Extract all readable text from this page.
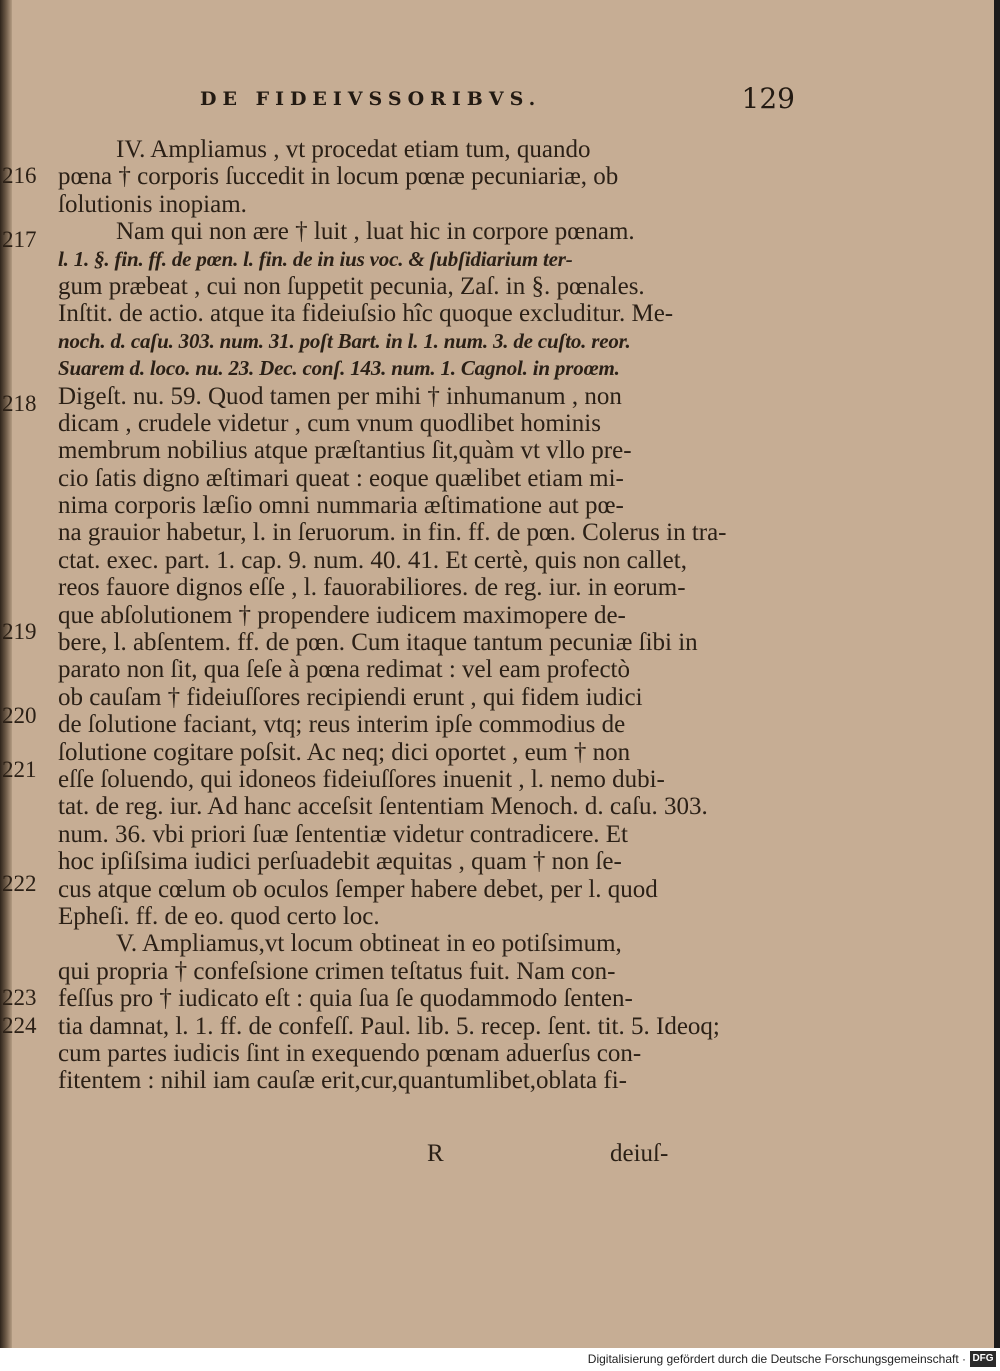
DE FIDEIVSSORIBVS.	129
216
217
218
219
220
221
222
223
224
IV. Ampliamus , vt procedat etiam tum, quando
pœna † corporis ſuccedit in locum pœnæ pecuniariæ, ob
ſolutionis inopiam.
Nam qui non ære † luit , luat hic in corpore pœnam.
l. 1. §. fin. ff. de pœn. l. fin. de in ius voc. & ſubſidiarium ter-
gum præbeat , cui non ſuppetit pecunia, Zaſ. in §. pœnales.
Inſtit. de actio. atque ita fideiuſsio hîc quoque excluditur. Me-
noch. d. caſu. 303. num. 31. poſt Bart. in l. 1. num. 3. de cuſto. reor.
Suarem d. loco. nu. 23. Dec. conſ. 143. num. 1. Cagnol. in proœm.
Digeſt. nu. 59. Quod tamen per mihi † inhumanum , non
dicam , crudele videtur , cum vnum quodlibet hominis
membrum nobilius atque præſtantius ſit,quàm vt vllo pre-
cio ſatis digno æſtimari queat : eoque quælibet etiam mi-
nima corporis læſio omni nummaria æſtimatione aut pœ-
na grauior habetur, l. in ſeruorum. in fin. ff. de pœn. Colerus in tra-
ctat. exec. part. 1. cap. 9. num. 40. 41. Et certè, quis non callet,
reos fauore dignos eſſe , l. fauorabiliores. de reg. iur. in eorum-
que abſolutionem † propendere iudicem maximopere de-
bere, l. abſentem. ff. de pœn. Cum itaque tantum pecuniæ ſibi in
parato non ſit, qua ſeſe à pœna redimat : vel eam profectò
ob cauſam † fideiuſſores recipiendi erunt , qui fidem iudici
de ſolutione faciant, vtq; reus interim ipſe commodius de
ſolutione cogitare poſsit. Ac neq; dici oportet , eum † non
eſſe ſoluendo, qui idoneos fideiuſſores inuenit , l. nemo dubi-
tat. de reg. iur. Ad hanc acceſsit ſententiam Menoch. d. caſu. 303.
num. 36. vbi priori ſuæ ſententiæ videtur contradicere. Et
hoc ipſiſsima iudici perſuadebit æquitas , quam † non ſe-
cus atque cœlum ob oculos ſemper habere debet, per l. quod
Epheſi. ff. de eo. quod certo loc.
V. Ampliamus,vt locum obtineat in eo potiſsimum,
qui propria † confeſsione crimen teſtatus fuit. Nam con-
feſſus pro † iudicato eſt : quia ſua ſe quodammodo ſenten-
tia damnat, l. 1. ff. de confeſſ. Paul. lib. 5. recep. ſent. tit. 5. Ideoq;
cum partes iudicis ſint in exequendo pœnam aduerſus con-
fitentem : nihil iam cauſæ erit,cur,quantumlibet,oblata fi-
R	deiuſ-
Digitalisierung gefördert durch die Deutsche Forschungsgemeinschaft · DFG
